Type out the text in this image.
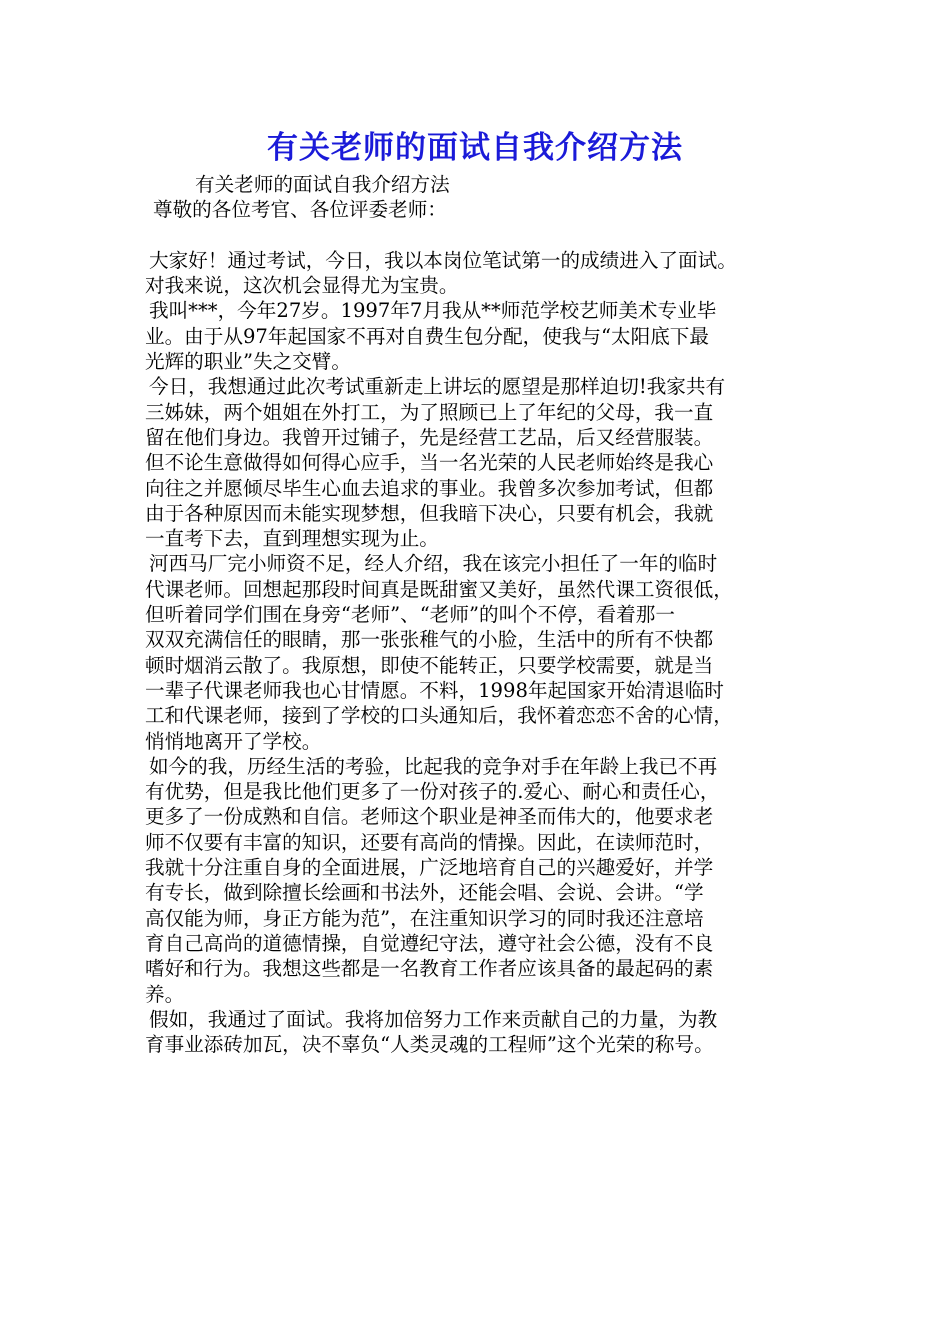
有关老师的面试自我介绍方法
有关老师的面试自我介绍方法
尊敬的各位考官、各位评委老师：
大家好！通过考试，今日，我以本岗位笔试第一的成绩进入了面试。
对我来说，这次机会显得尤为宝贵。
我叫***，今年27岁。1997年7月我从**师范学校艺师美术专业毕
业。由于从97年起国家不再对自费生包分配，使我与“太阳底下最
光辉的职业”失之交臂。
今日，我想通过此次考试重新走上讲坛的愿望是那样迫切!我家共有
三姊妹，两个姐姐在外打工，为了照顾已上了年纪的父母，我一直
留在他们身边。我曾开过铺子，先是经营工艺品，后又经营服装。
但不论生意做得如何得心应手，当一名光荣的人民老师始终是我心
向往之并愿倾尽毕生心血去追求的事业。我曾多次参加考试，但都
由于各种原因而未能实现梦想，但我暗下决心，只要有机会，我就
一直考下去，直到理想实现为止。
河西马厂完小师资不足，经人介绍，我在该完小担任了一年的临时
代课老师。回想起那段时间真是既甜蜜又美好，虽然代课工资很低，
但听着同学们围在身旁“老师”、“老师”的叫个不停，看着那一
双双充满信任的眼睛，那一张张稚气的小脸，生活中的所有不快都
顿时烟消云散了。我原想，即使不能转正，只要学校需要，就是当
一辈子代课老师我也心甘情愿。不料，1998年起国家开始清退临时
工和代课老师，接到了学校的口头通知后，我怀着恋恋不舍的心情，
悄悄地离开了学校。
如今的我，历经生活的考验，比起我的竞争对手在年龄上我已不再
有优势，但是我比他们更多了一份对孩子的.爱心、耐心和责任心，
更多了一份成熟和自信。老师这个职业是神圣而伟大的，他要求老
师不仅要有丰富的知识，还要有高尚的情操。因此，在读师范时，
我就十分注重自身的全面进展，广泛地培育自己的兴趣爱好，并学
有专长，做到除擅长绘画和书法外，还能会唱、会说、会讲。“学
高仅能为师，身正方能为范”，在注重知识学习的同时我还注意培
育自己高尚的道德情操，自觉遵纪守法，遵守社会公德，没有不良
嗜好和行为。我想这些都是一名教育工作者应该具备的最起码的素
养。
假如，我通过了面试。我将加倍努力工作来贡献自己的力量，为教
育事业添砖加瓦，决不辜负“人类灵魂的工程师”这个光荣的称号。
